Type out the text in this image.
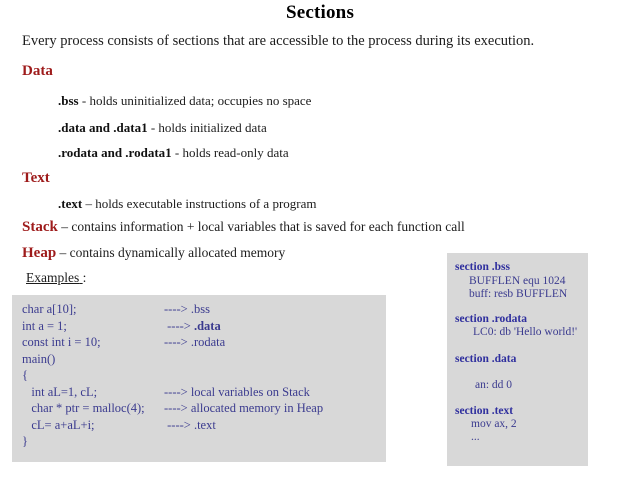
Sections
Every process consists of sections that are accessible to the process during its execution.
Data
.bss - holds uninitialized data; occupies no space
.data and .data1 - holds initialized data
.rodata and .rodata1 - holds read-only data
Text
.text – holds executable instructions of a program
Stack – contains information + local variables that is saved for each function call
Heap – contains dynamically allocated memory
Examples :
char a[10];	----> .bss
int a = 1;	----> .data
const int i = 10;	----> .rodata
main()
{
int aL=1, cL;	----> local variables on Stack
char * ptr = malloc(4); ----> allocated memory in Heap
cL= a+aL+i;	----> .text
}
section .bss
BUFFLEN equ 1024
buff: resb BUFFLEN
section .rodata
LC0: db 'Hello world!'
section .data
an: dd 0
section .text
mov ax, 2
...
